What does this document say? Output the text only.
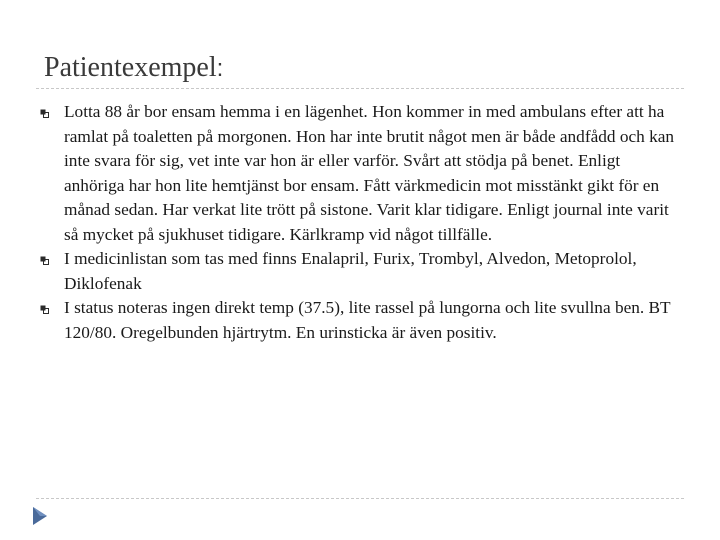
Patientexempel:
Lotta 88 år bor ensam hemma i en lägenhet. Hon kommer in med ambulans efter att ha ramlat på toaletten på morgonen. Hon har inte brutit något men är både andfådd och kan inte svara för sig, vet inte var hon är eller varför. Svårt att stödja på benet. Enligt anhöriga har hon lite hemtjänst bor ensam. Fått värkmedicin mot misstänkt gikt för en månad sedan. Har verkat lite trött på sistone. Varit klar tidigare. Enligt journal inte varit så mycket på sjukhuset tidigare. Kärlkramp vid något tillfälle.
I medicinlistan som tas med finns Enalapril, Furix, Trombyl, Alvedon, Metoprolol, Diklofenak
I status noteras ingen direkt temp (37.5), lite rassel på lungorna och lite svullna ben. BT 120/80. Oregelbunden hjärtrytm. En urinsticka är även positiv.
